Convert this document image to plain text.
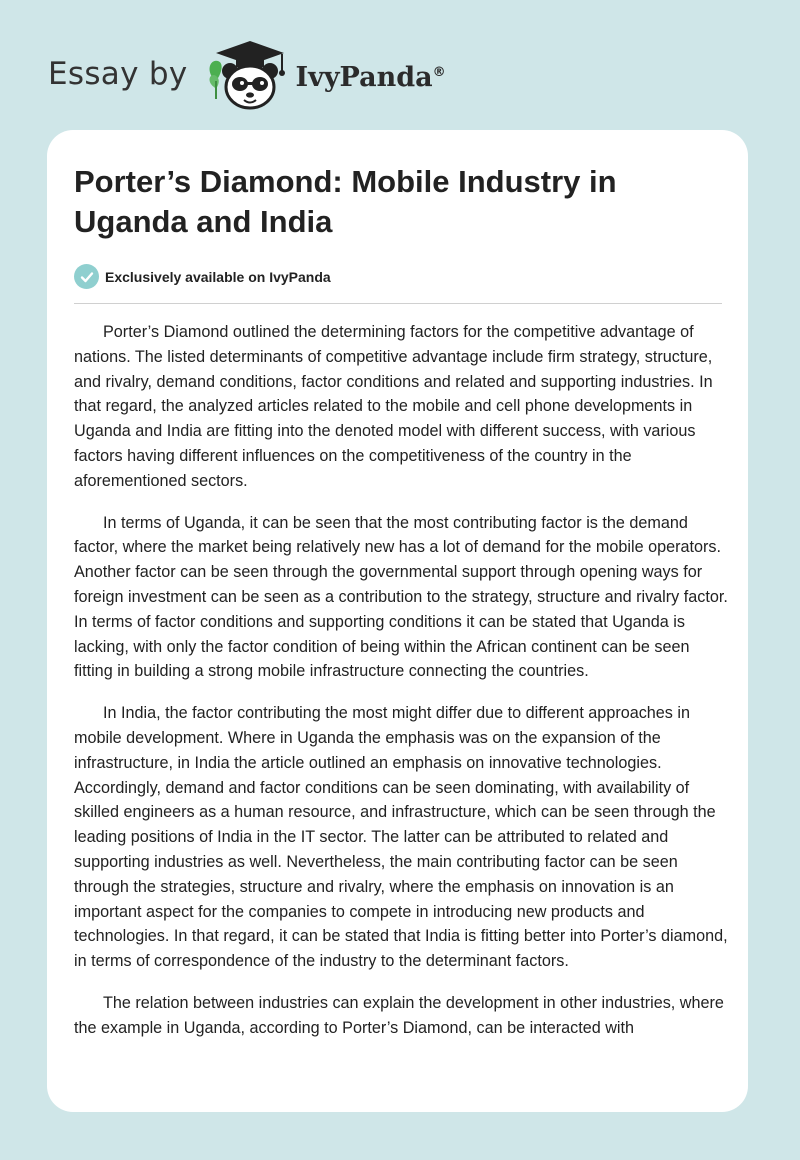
Essay by	IvyPanda®
Porter’s Diamond: Mobile Industry in Uganda and India
Exclusively available on IvyPanda

Porter’s Diamond outlined the determining factors for the competitive advantage of nations. The listed determinants of competitive advantage include firm strategy, structure, and rivalry, demand conditions, factor conditions and related and supporting industries. In that regard, the analyzed articles related to the mobile and cell phone developments in Uganda and India are fitting into the denoted model with different success, with various factors having different influences on the competitiveness of the country in the aforementioned sectors.

In terms of Uganda, it can be seen that the most contributing factor is the demand factor, where the market being relatively new has a lot of demand for the mobile operators. Another factor can be seen through the governmental support through opening ways for foreign investment can be seen as a contribution to the strategy, structure and rivalry factor. In terms of factor conditions and supporting conditions it can be stated that Uganda is lacking, with only the factor condition of being within the African continent can be seen fitting in building a strong mobile infrastructure connecting the countries.

In India, the factor contributing the most might differ due to different approaches in mobile development. Where in Uganda the emphasis was on the expansion of the infrastructure, in India the article outlined an emphasis on innovative technologies. Accordingly, demand and factor conditions can be seen dominating, with availability of skilled engineers as a human resource, and infrastructure, which can be seen through the leading positions of India in the IT sector. The latter can be attributed to related and supporting industries as well. Nevertheless, the main contributing factor can be seen through the strategies, structure and rivalry, where the emphasis on innovation is an important aspect for the companies to compete in introducing new products and technologies. In that regard, it can be stated that India is fitting better into Porter’s diamond, in terms of correspondence of the industry to the determinant factors.

The relation between industries can explain the development in other industries, where the example in Uganda, according to Porter’s Diamond, can be interacted with
